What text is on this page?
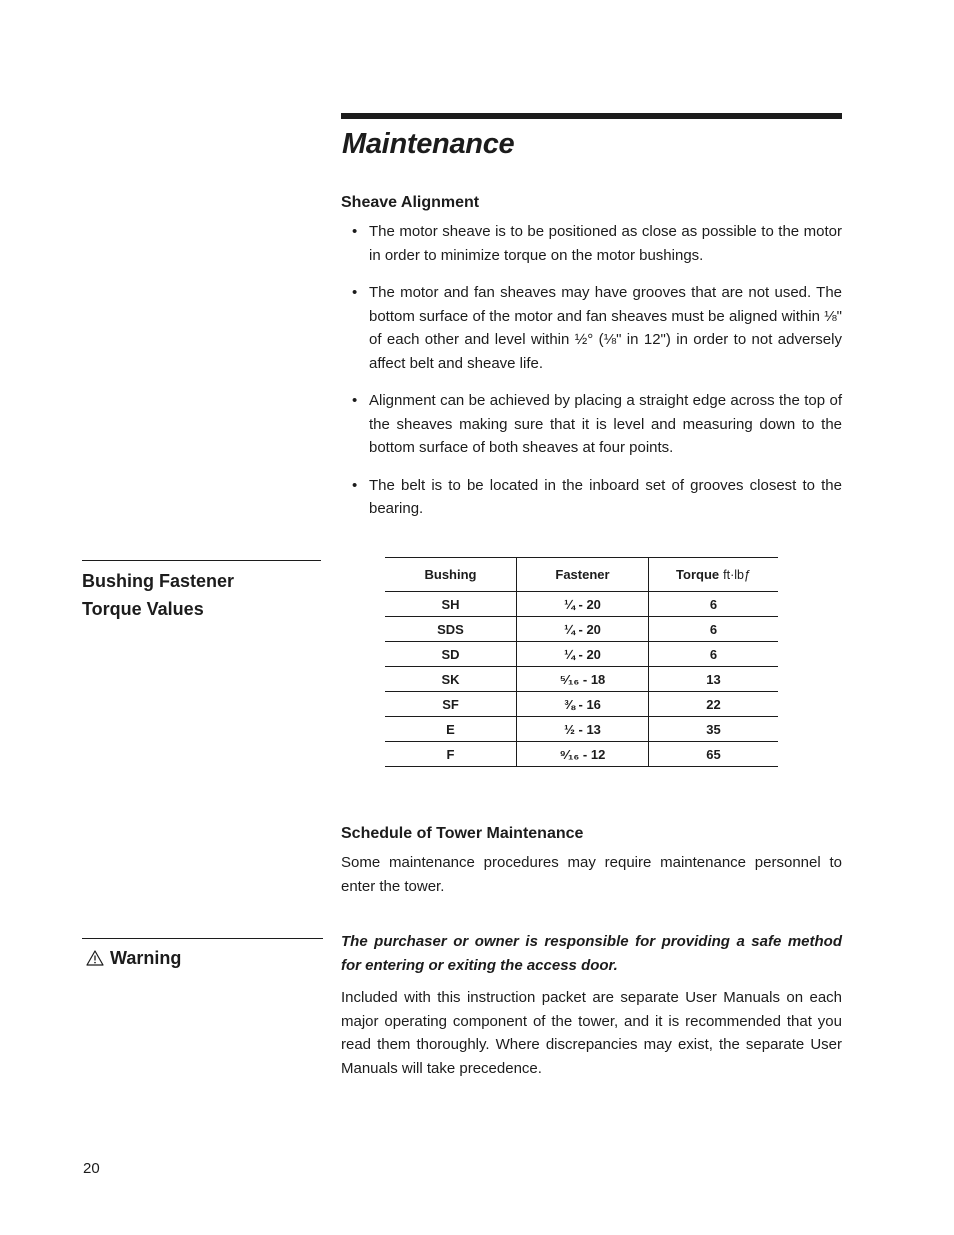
Maintenance
Sheave Alignment
• The motor sheave is to be positioned as close as possible to the motor in order to minimize torque on the motor bushings.
• The motor and fan sheaves may have grooves that are not used. The bottom surface of the motor and fan sheaves must be aligned within ⅛" of each other and level within ½° (⅛" in 12") in order to not adversely affect belt and sheave life.
• Alignment can be achieved by placing a straight edge across the top of the sheaves making sure that it is level and measuring down to the bottom surface of both sheaves at four points.
• The belt is to be located in the inboard set of grooves closest to the bearing.
Bushing Fastener
Torque Values
Bushing	Fastener	Torque ft·lbƒ
SH	¼ - 20	6
SDS	¼ - 20	6
SD	¼ - 20	6
SK	⁵⁄₁₆ - 18	13
SF	⅜ - 16	22
E	½ - 13	35
F	⁹⁄₁₆ - 12	65
Schedule of Tower Maintenance

Some maintenance procedures may require maintenance personnel to enter the tower.

Warning

The purchaser or owner is responsible for providing a safe method for entering or exiting the access door.

Included with this instruction packet are separate User Manuals on each major operating component of the tower, and it is recommended that you read them thoroughly. Where discrepancies may exist, the separate User Manuals will take precedence.

20
